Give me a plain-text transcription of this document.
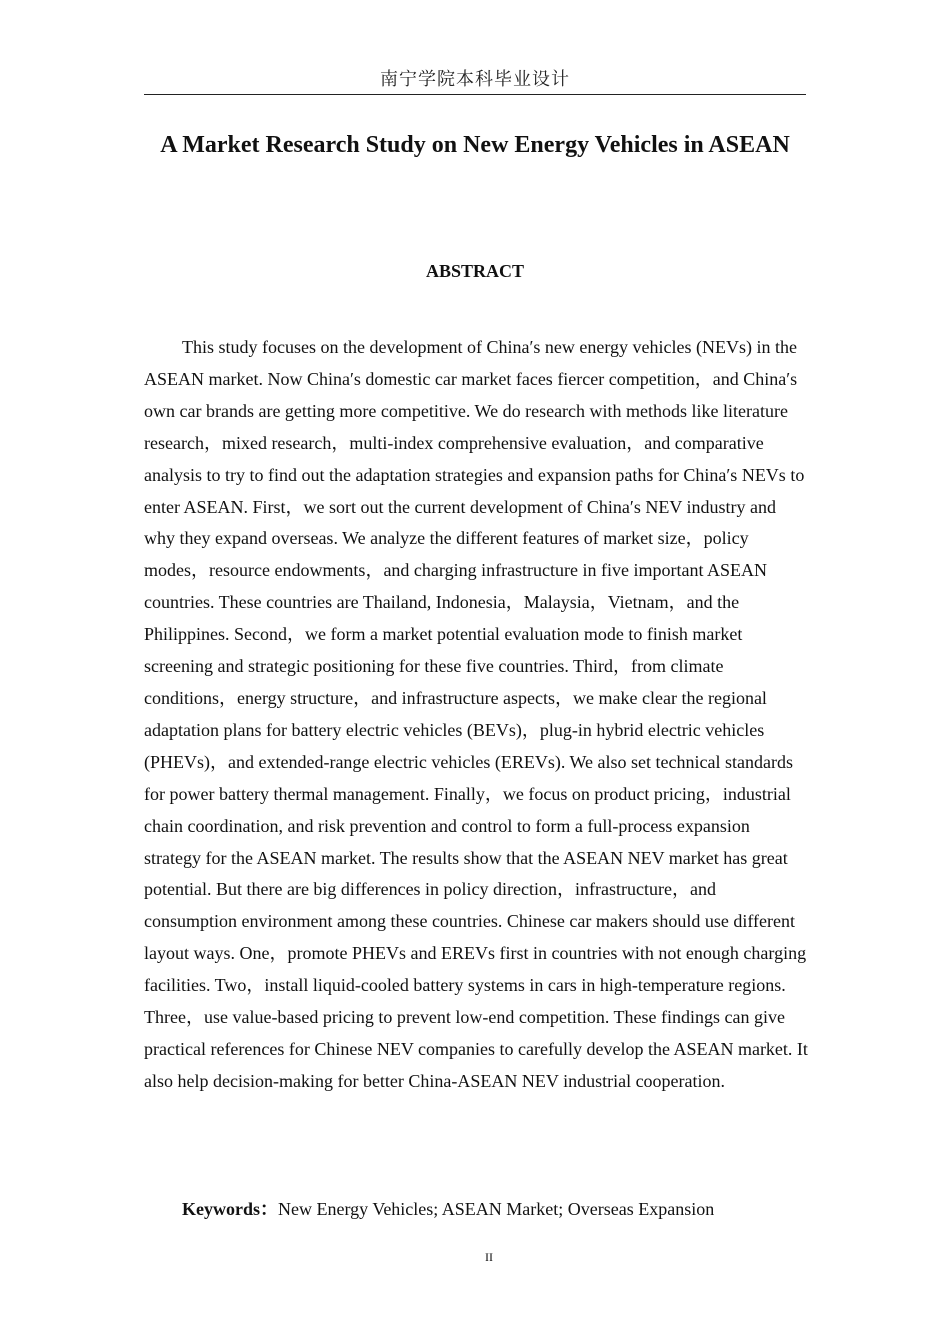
南宁学院本科毕业设计
A Market Research Study on New Energy Vehicles in ASEAN
ABSTRACT

This study focuses on the development of China′s new energy vehicles (NEVs) in the ASEAN market. Now China′s domestic car market faces fiercer competition，and China′s own car brands are getting more competitive. We do research with methods like literature research，mixed research，multi-index comprehensive evaluation，and comparative analysis to try to find out the adaptation strategies and expansion paths for China′s NEVs to enter ASEAN. First，we sort out the current development of China′s NEV industry and why they expand overseas. We analyze the different features of market size，policy modes，resource endowments，and charging infrastructure in five important ASEAN countries. These countries are Thailand, Indonesia，Malaysia，Vietnam，and the Philippines. Second，we form a market potential evaluation mode to finish market screening and strategic positioning for these five countries. Third，from climate conditions，energy structure，and infrastructure aspects，we make clear the regional adaptation plans for battery electric vehicles (BEVs)，plug-in hybrid electric vehicles (PHEVs)，and extended-range electric vehicles (EREVs). We also set technical standards for power battery thermal management. Finally，we focus on product pricing，industrial chain coordination, and risk prevention and control to form a full-process expansion strategy for the ASEAN market. The results show that the ASEAN NEV market has great potential. But there are big differences in policy direction，infrastructure，and consumption environment among these countries. Chinese car makers should use different layout ways. One，promote PHEVs and EREVs first in countries with not enough charging facilities. Two，install liquid-cooled battery systems in cars in high-temperature regions. Three，use value-based pricing to prevent low-end competition. These findings can give practical references for Chinese NEV companies to carefully develop the ASEAN market. It also help decision-making for better China-ASEAN NEV industrial cooperation.

Keywords：New Energy Vehicles; ASEAN Market; Overseas Expansion

II
